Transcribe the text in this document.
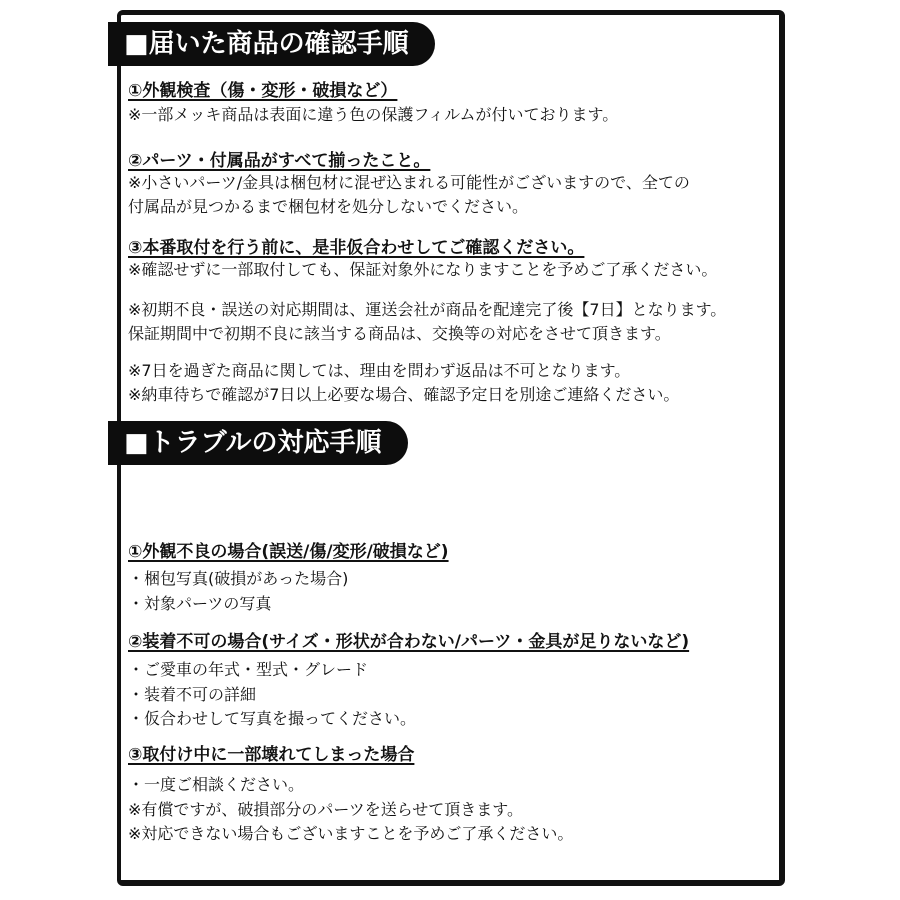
■届いた商品の確認手順
①外観検査（傷・変形・破損など）
※一部メッキ商品は表面に違う色の保護フィルムが付いております。
②パーツ・付属品がすべて揃ったこと。
※小さいパーツ/金具は梱包材に混ぜ込まれる可能性がございますので、全ての
付属品が見つかるまで梱包材を処分しないでください。
③本番取付を行う前に、是非仮合わせしてご確認ください。
※確認せずに一部取付しても、保証対象外になりますことを予めご了承ください。
※初期不良・誤送の対応期間は、運送会社が商品を配達完了後【7日】となります。
保証期間中で初期不良に該当する商品は、交換等の対応をさせて頂きます。
※7日を過ぎた商品に関しては、理由を問わず返品は不可となります。
※納車待ちで確認が7日以上必要な場合、確認予定日を別途ご連絡ください。
■トラブルの対応手順
①外観不良の場合(誤送/傷/変形/破損など)
・梱包写真(破損があった場合)
・対象パーツの写真
②装着不可の場合(サイズ・形状が合わない/パーツ・金具が足りないなど)
・ご愛車の年式・型式・グレード
・装着不可の詳細
・仮合わせして写真を撮ってください。
③取付け中に一部壊れてしまった場合
・一度ご相談ください。
※有償ですが、破損部分のパーツを送らせて頂きます。
※対応できない場合もございますことを予めご了承ください。
